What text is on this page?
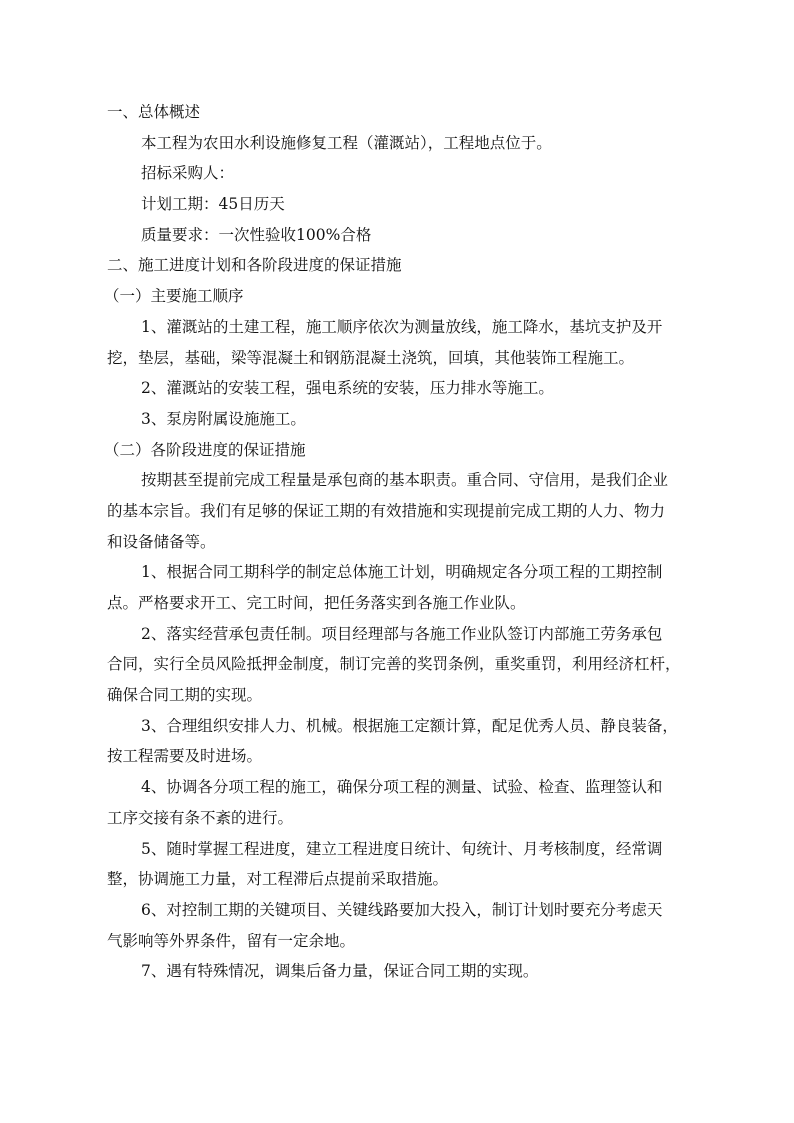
一、总体概述
本工程为农田水利设施修复工程（灌溉站），工程地点位于。
招标采购人：
计划工期：45日历天
质量要求：一次性验收100%合格
二、施工进度计划和各阶段进度的保证措施
（一）主要施工顺序
1、灌溉站的土建工程，施工顺序依次为测量放线，施工降水，基坑支护及开
挖，垫层，基础，梁等混凝土和钢筋混凝土浇筑，回填，其他装饰工程施工。
2、灌溉站的安装工程，强电系统的安装，压力排水等施工。
3、泵房附属设施施工。
（二）各阶段进度的保证措施
按期甚至提前完成工程量是承包商的基本职责。重合同、守信用，是我们企业
的基本宗旨。我们有足够的保证工期的有效措施和实现提前完成工期的人力、物力
和设备储备等。
1、根据合同工期科学的制定总体施工计划，明确规定各分项工程的工期控制
点。严格要求开工、完工时间，把任务落实到各施工作业队。
2、落实经营承包责任制。项目经理部与各施工作业队签订内部施工劳务承包
合同，实行全员风险抵押金制度，制订完善的奖罚条例，重奖重罚，利用经济杠杆，
确保合同工期的实现。
3、合理组织安排人力、机械。根据施工定额计算，配足优秀人员、静良装备，
按工程需要及时进场。
4、协调各分项工程的施工，确保分项工程的测量、试验、检查、监理签认和
工序交接有条不紊的进行。
5、随时掌握工程进度，建立工程进度日统计、旬统计、月考核制度，经常调
整，协调施工力量，对工程滞后点提前采取措施。
6、对控制工期的关键项目、关键线路要加大投入，制订计划时要充分考虑天
气影响等外界条件，留有一定余地。
7、遇有特殊情况，调集后备力量，保证合同工期的实现。
